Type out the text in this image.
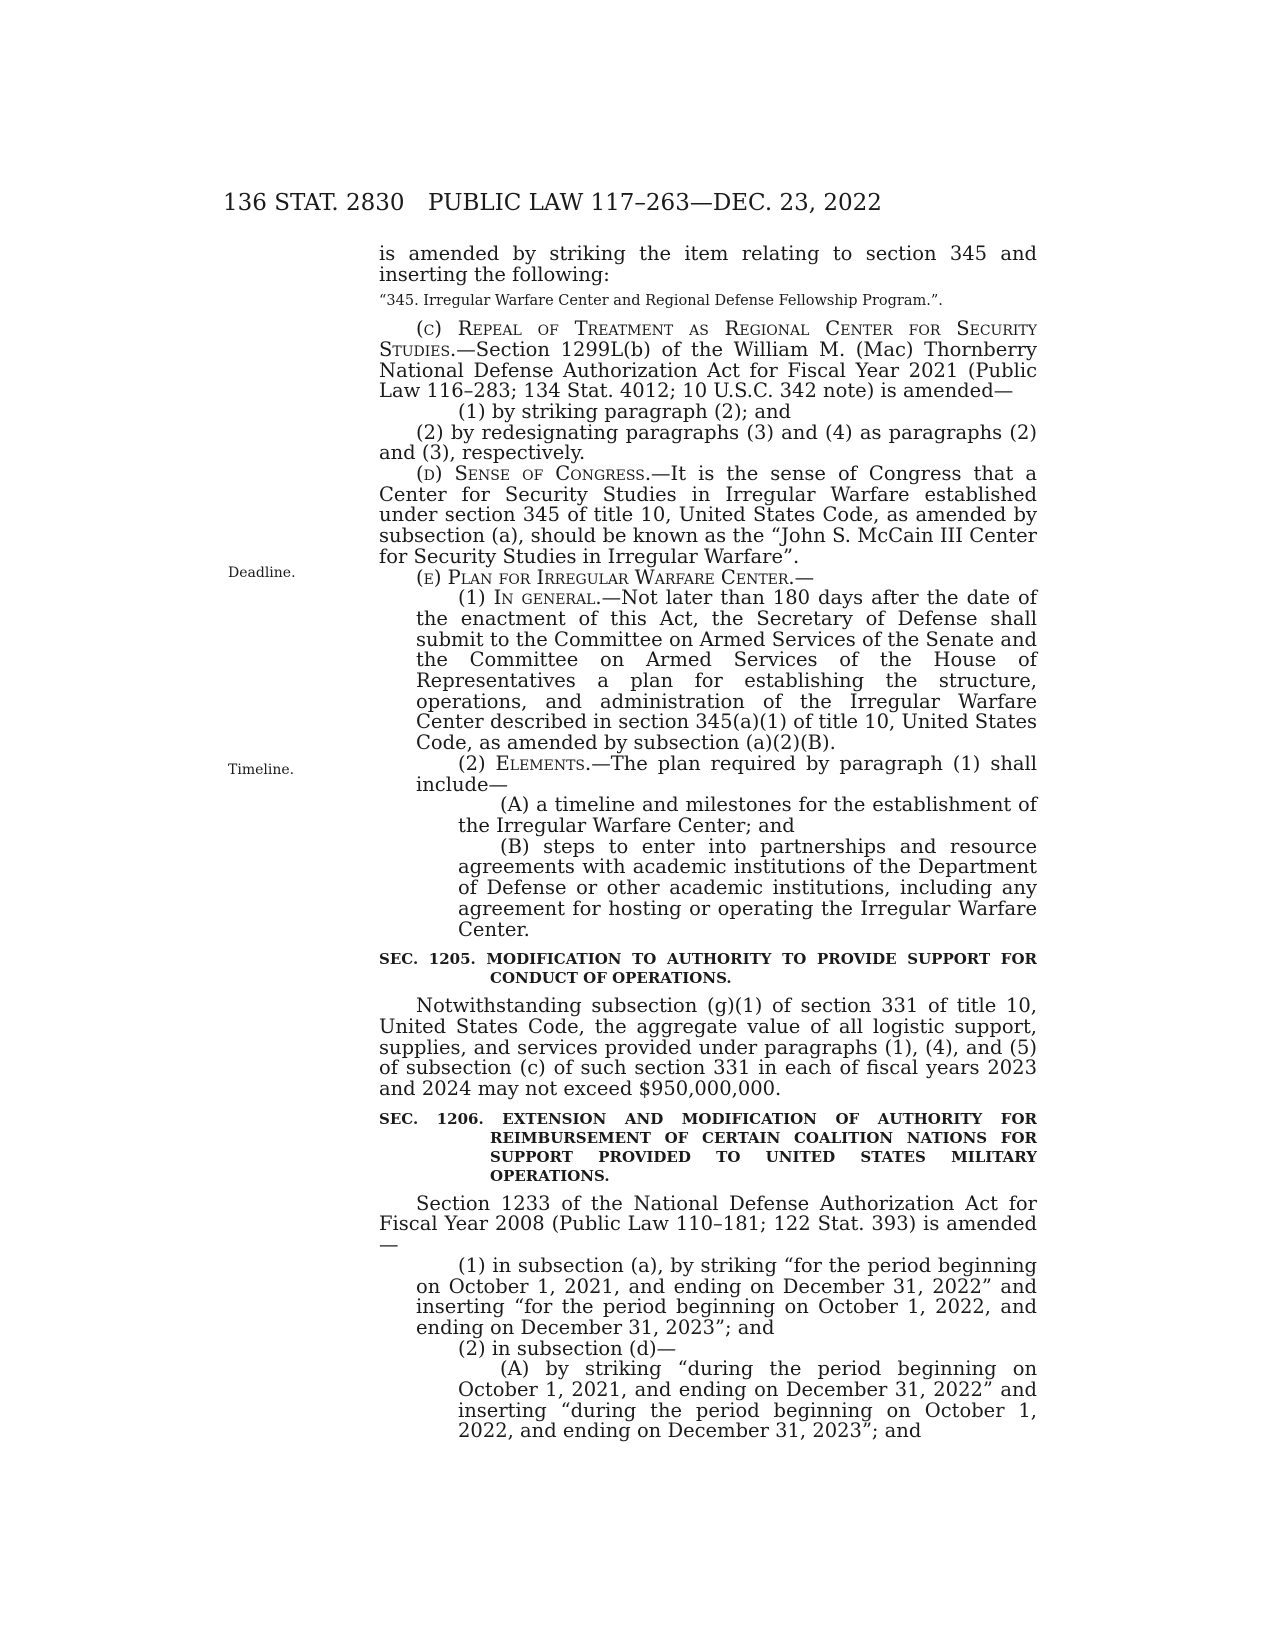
136 STAT. 2830 PUBLIC LAW 117–263—DEC. 23, 2022
Deadline.
Timeline.

is amended by striking the item relating to section 345 and inserting the following:

“345. Irregular Warfare Center and Regional Defense Fellowship Program.”.

(c) Repeal of Treatment as Regional Center for Security Studies.—Section 1299L(b) of the William M. (Mac) Thornberry National Defense Authorization Act for Fiscal Year 2021 (Public Law 116–283; 134 Stat. 4012; 10 U.S.C. 342 note) is amended—

(1) by striking paragraph (2); and

(2) by redesignating paragraphs (3) and (4) as paragraphs (2) and (3), respectively.

(d) Sense of Congress.—It is the sense of Congress that a Center for Security Studies in Irregular Warfare established under section 345 of title 10, United States Code, as amended by subsection (a), should be known as the “John S. McCain III Center for Security Studies in Irregular Warfare”.

(e) Plan for Irregular Warfare Center.—

(1) In general.—Not later than 180 days after the date of the enactment of this Act, the Secretary of Defense shall submit to the Committee on Armed Services of the Senate and the Committee on Armed Services of the House of Representatives a plan for establishing the structure, operations, and administration of the Irregular Warfare Center described in section 345(a)(1) of title 10, United States Code, as amended by subsection (a)(2)(B).

(2) Elements.—The plan required by paragraph (1) shall include—

(A) a timeline and milestones for the establishment of the Irregular Warfare Center; and

(B) steps to enter into partnerships and resource agreements with academic institutions of the Department of Defense or other academic institutions, including any agreement for hosting or operating the Irregular Warfare Center.

SEC. 1205. MODIFICATION TO AUTHORITY TO PROVIDE SUPPORT FOR CONDUCT OF OPERATIONS.

Notwithstanding subsection (g)(1) of section 331 of title 10, United States Code, the aggregate value of all logistic support, supplies, and services provided under paragraphs (1), (4), and (5) of subsection (c) of such section 331 in each of fiscal years 2023 and 2024 may not exceed $950,000,000.

SEC. 1206. EXTENSION AND MODIFICATION OF AUTHORITY FOR REIMBURSEMENT OF CERTAIN COALITION NATIONS FOR SUPPORT PROVIDED TO UNITED STATES MILITARY OPERATIONS.

Section 1233 of the National Defense Authorization Act for Fiscal Year 2008 (Public Law 110–181; 122 Stat. 393) is amended—

(1) in subsection (a), by striking “for the period beginning on October 1, 2021, and ending on December 31, 2022” and inserting “for the period beginning on October 1, 2022, and ending on December 31, 2023”; and

(2) in subsection (d)—

(A) by striking “during the period beginning on October 1, 2021, and ending on December 31, 2022” and inserting “during the period beginning on October 1, 2022, and ending on December 31, 2023”; and
